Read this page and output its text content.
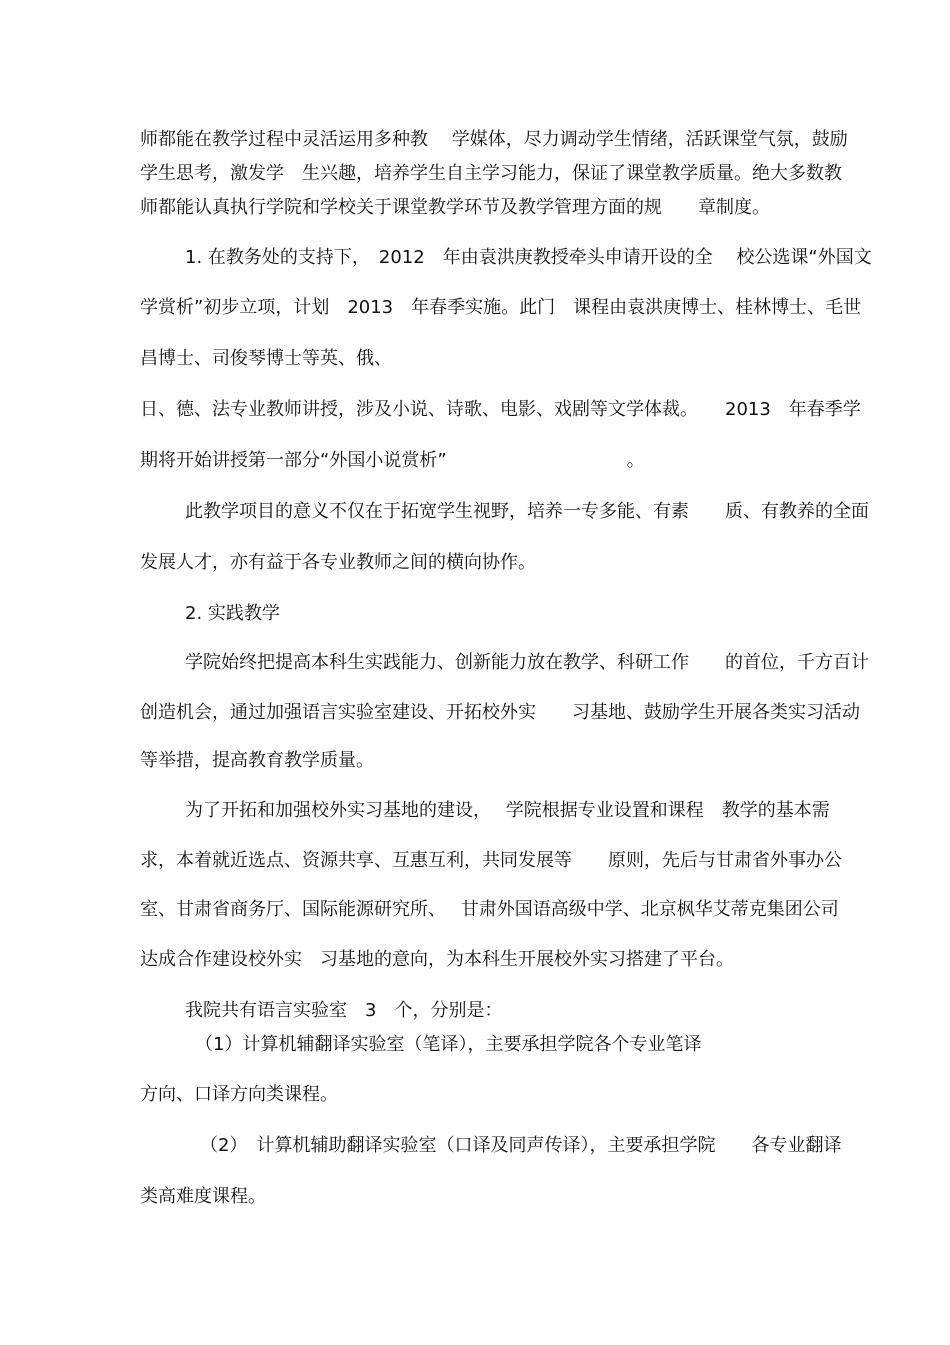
师都能在教学过程中灵活运用多种教　 学媒体，尽力调动学生情绪，活跃课堂气氛，鼓励
学生思考，激发学　生兴趣，培养学生自主学习能力，保证了课堂教学质量。绝大多数教
师都能认真执行学院和学校关于课堂教学环节及教学管理方面的规　　章制度。
1. 在教务处的支持下，　2012　年由袁洪庚教授牵头申请开设的全　 校公选课“外国文
学赏析”初步立项，计划　2013　年春季实施。此门　课程由袁洪庚博士、桂林博士、毛世
昌博士、司俊琴博士等英、俄、
日、德、法专业教师讲授，涉及小说、诗歌、电影、戏剧等文学体裁。　　2013　年春季学
期将开始讲授第一部分“外国小说赏析”　　　　　　　　　　。
此教学项目的意义不仅在于拓宽学生视野，培养一专多能、有素　　质、有教养的全面
发展人才，亦有益于各专业教师之间的横向协作。
2. 实践教学
学院始终把提高本科生实践能力、创新能力放在教学、科研工作　　的首位，千方百计
创造机会，通过加强语言实验室建设、开拓校外实　　习基地、鼓励学生开展各类实习活动
等举措，提高教育教学质量。
为了开拓和加强校外实习基地的建设，　 学院根据专业设置和课程　教学的基本需
求，本着就近选点、资源共享、互惠互利，共同发展等　　原则，先后与甘肃省外事办公
室、甘肃省商务厅、国际能源研究所、　 甘肃外国语高级中学、北京枫华艾蒂克集团公司
达成合作建设校外实　习基地的意向，为本科生开展校外实习搭建了平台。
我院共有语言实验室　3　个，分别是：
（1）计算机辅翻译实验室（笔译），主要承担学院各个专业笔译
方向、口译方向类课程。
（2）　计算机辅助翻译实验室（口译及同声传译），主要承担学院　　各专业翻译
类高难度课程。
